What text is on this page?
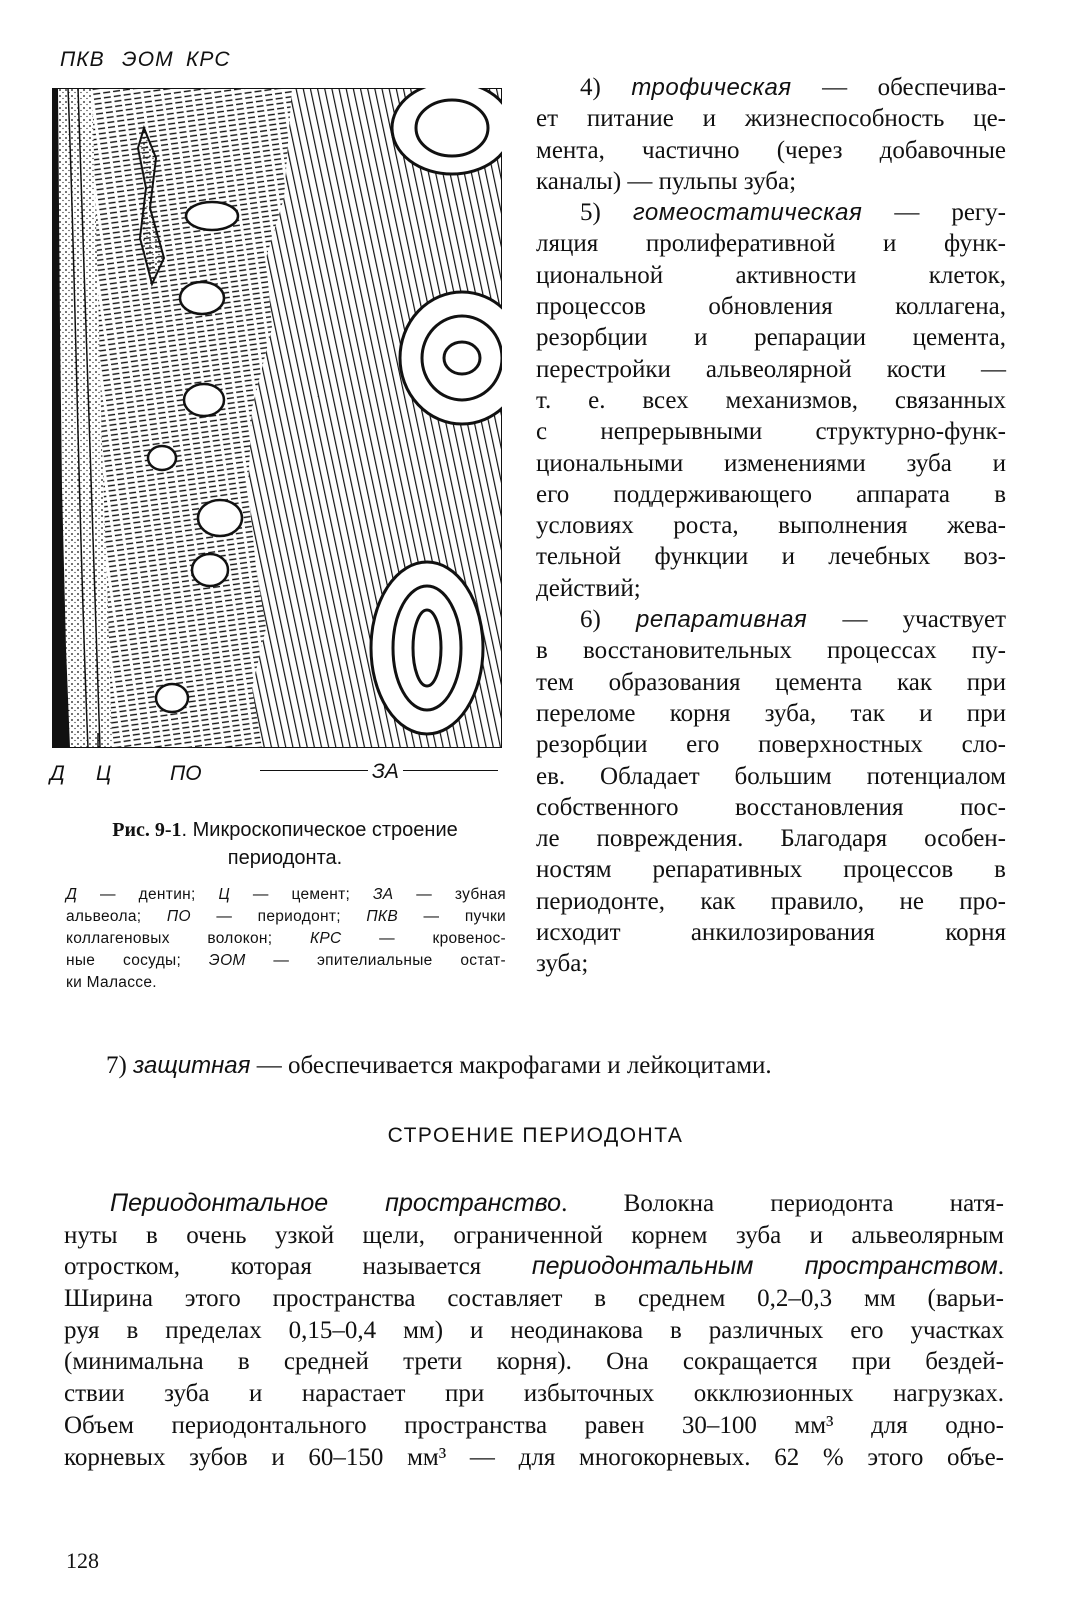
ПКВ ЭОМ КРС
Д Ц	ПО	ЗА
Рис. 9-1. Микроскопическое строение
периодонта.
Д — дентин; Ц — цемент; ЗА — зубная
альвеола; ПО — периодонт; ПКВ — пучки
коллагеновых волокон; КРС — кровенос-
ные сосуды; ЭОМ — эпителиальные остат-
ки Малассе.
4) трофическая — обеспечива-
ет питание и жизнеспособность це-
мента, частично (через добавочные
каналы) — пульпы зуба;
5) гомеостатическая — регу-
ляция пролиферативной и функ-
циональной активности клеток,
процессов обновления коллагена,
резорбции и репарации цемента,
перестройки альвеолярной кости —
т. е. всех механизмов, связанных
с непрерывными структурно-функ-
циональными изменениями зуба и
его поддерживающего аппарата в
условиях роста, выполнения жева-
тельной функции и лечебных воз-
действий;
6) репаративная — участвует
в восстановительных процессах пу-
тем образования цемента как при
переломе корня зуба, так и при
резорбции его поверхностных сло-
ев. Обладает большим потенциалом
собственного восстановления пос-
ле повреждения. Благодаря особен-
ностям репаративных процессов в
периодонте, как правило, не про-
исходит анкилозирования корня
зуба;
7) защитная — обеспечивается макрофагами и лейкоцитами.
СТРОЕНИЕ ПЕРИОДОНТА
Периодонтальное пространство. Волокна периодонта натя-
нуты в очень узкой щели, ограниченной корнем зуба и альвеолярным
отростком, которая называется периодонтальным пространством.
Ширина этого пространства составляет в среднем 0,2–0,3 мм (варьи-
руя в пределах 0,15–0,4 мм) и неодинакова в различных его участках
(минимальна в средней трети корня). Она сокращается при бездей-
ствии зуба и нарастает при избыточных окклюзионных нагрузках.
Объем периодонтального пространства равен 30–100 мм³ для одно-
корневых зубов и 60–150 мм³ — для многокорневых. 62 % этого объе-
128
